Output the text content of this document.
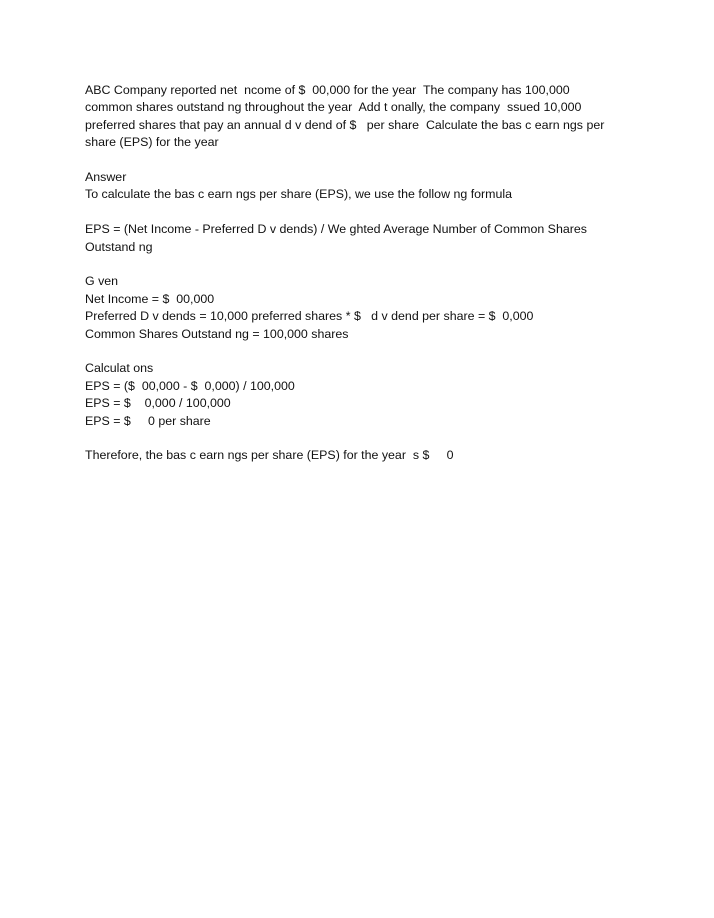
ABC Company reported net  ncome of $  00,000 for the year  The company has 100,000
common shares outstand ng throughout the year  Add t onally, the company  ssued 10,000
preferred shares that pay an annual d v dend of $   per share  Calculate the bas c earn ngs per
share (EPS) for the year
Answer
To calculate the bas c earn ngs per share (EPS), we use the follow ng formula
EPS = (Net Income - Preferred D v dends) / We ghted Average Number of Common Shares
Outstand ng
G ven
Net Income = $  00,000
Preferred D v dends = 10,000 preferred shares * $   d v dend per share = $  0,000
Common Shares Outstand ng = 100,000 shares
Calculat ons
EPS = ($  00,000 - $  0,000) / 100,000
EPS = $    0,000 / 100,000
EPS = $     0 per share
Therefore, the bas c earn ngs per share (EPS) for the year  s $     0
